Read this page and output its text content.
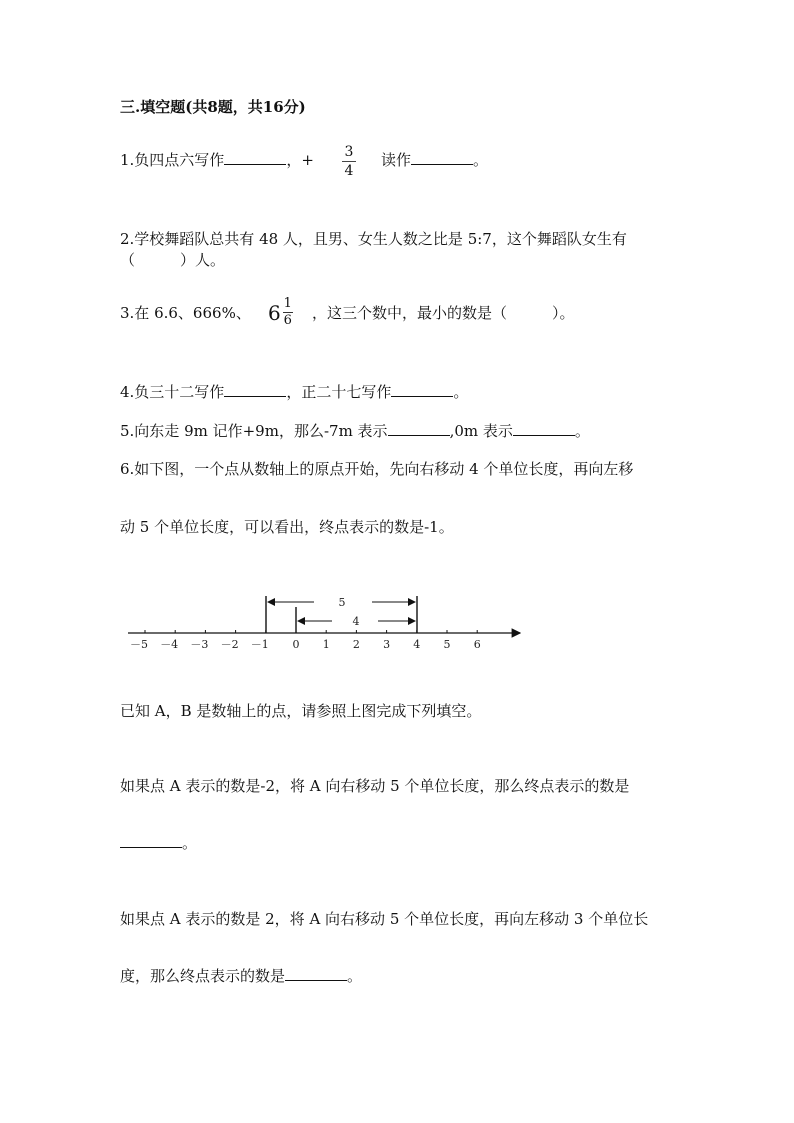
三.填空题(共8题，共16分)
1.负四点六写作	，+ 3
4
读作	。
2.学校舞蹈队总共有 48 人，且男、女生人数之比是 5:7，这个舞蹈队女生有
（　　　）人。
3.在 6.6、666%、 6 1
6 ，这三个数中，最小的数是（　　　）。
4.负三十二写作	，正二十七写作	。
5.向东走 9m 记作+9m，那么-7m 表示	,0m 表示	。
6.如下图，一个点从数轴上的原点开始，先向右移动 4 个单位长度，再向左移
动 5 个单位长度，可以看出，终点表示的数是-1。
－5 －4 －3 －2 －1 0 1 2 3 4 5 6
5
4
已知 A，B 是数轴上的点，请参照上图完成下列填空。
如果点 A 表示的数是-2，将 A 向右移动 5 个单位长度，那么终点表示的数是
。
如果点 A 表示的数是 2，将 A 向右移动 5 个单位长度，再向左移动 3 个单位长
度，那么终点表示的数是	。
